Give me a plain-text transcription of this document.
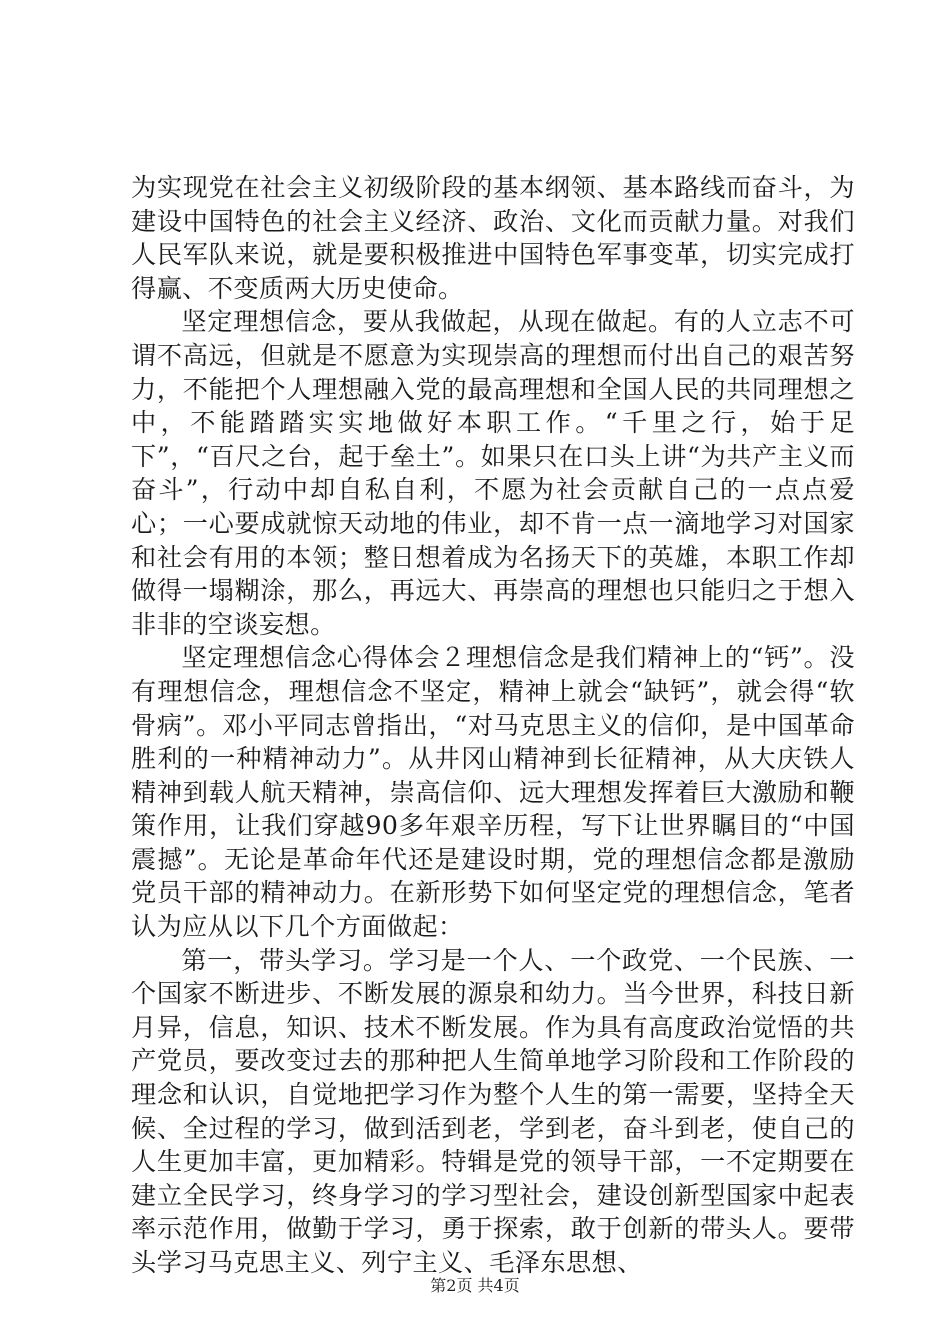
为实现党在社会主义初级阶段的基本纲领、基本路线而奋斗，为建设中国特色的社会主义经济、政治、文化而贡献力量。对我们人民军队来说，就是要积极推进中国特色军事变革，切实完成打得赢、不变质两大历史使命。

坚定理想信念，要从我做起，从现在做起。有的人立志不可谓不高远，但就是不愿意为实现崇高的理想而付出自己的艰苦努力，不能把个人理想融入党的最高理想和全国人民的共同理想之中，不能踏踏实实地做好本职工作。“千里之行，始于足下”，“百尺之台，起于垒土”。如果只在口头上讲“为共产主义而奋斗”，行动中却自私自利，不愿为社会贡献自己的一点点爱心；一心要成就惊天动地的伟业，却不肯一点一滴地学习对国家和社会有用的本领；整日想着成为名扬天下的英雄，本职工作却做得一塌糊涂，那么，再远大、再崇高的理想也只能归之于想入非非的空谈妄想。

坚定理想信念心得体会２理想信念是我们精神上的“钙”。没有理想信念，理想信念不坚定，精神上就会“缺钙”，就会得“软骨病”。邓小平同志曾指出，“对马克思主义的信仰，是中国革命胜利的一种精神动力”。从井冈山精神到长征精神，从大庆铁人精神到载人航天精神，崇高信仰、远大理想发挥着巨大激励和鞭策作用，让我们穿越90多年艰辛历程，写下让世界瞩目的“中国震撼”。无论是革命年代还是建设时期，党的理想信念都是激励党员干部的精神动力。在新形势下如何坚定党的理想信念，笔者认为应从以下几个方面做起：

第一，带头学习。学习是一个人、一个政党、一个民族、一个国家不断进步、不断发展的源泉和幼力。当今世界，科技日新月异，信息，知识、技术不断发展。作为具有高度政治觉悟的共产党员，要改变过去的那种把人生简单地学习阶段和工作阶段的理念和认识，自觉地把学习作为整个人生的第一需要，坚持全天候、全过程的学习，做到活到老，学到老，奋斗到老，使自己的人生更加丰富，更加精彩。特辑是党的领导干部，一不定期要在建立全民学习，终身学习的学习型社会，建设创新型国家中起表率示范作用，做勤于学习，勇于探索，敢于创新的带头人。要带头学习马克思主义、列宁主义、毛泽东思想、

第2页 共4页
